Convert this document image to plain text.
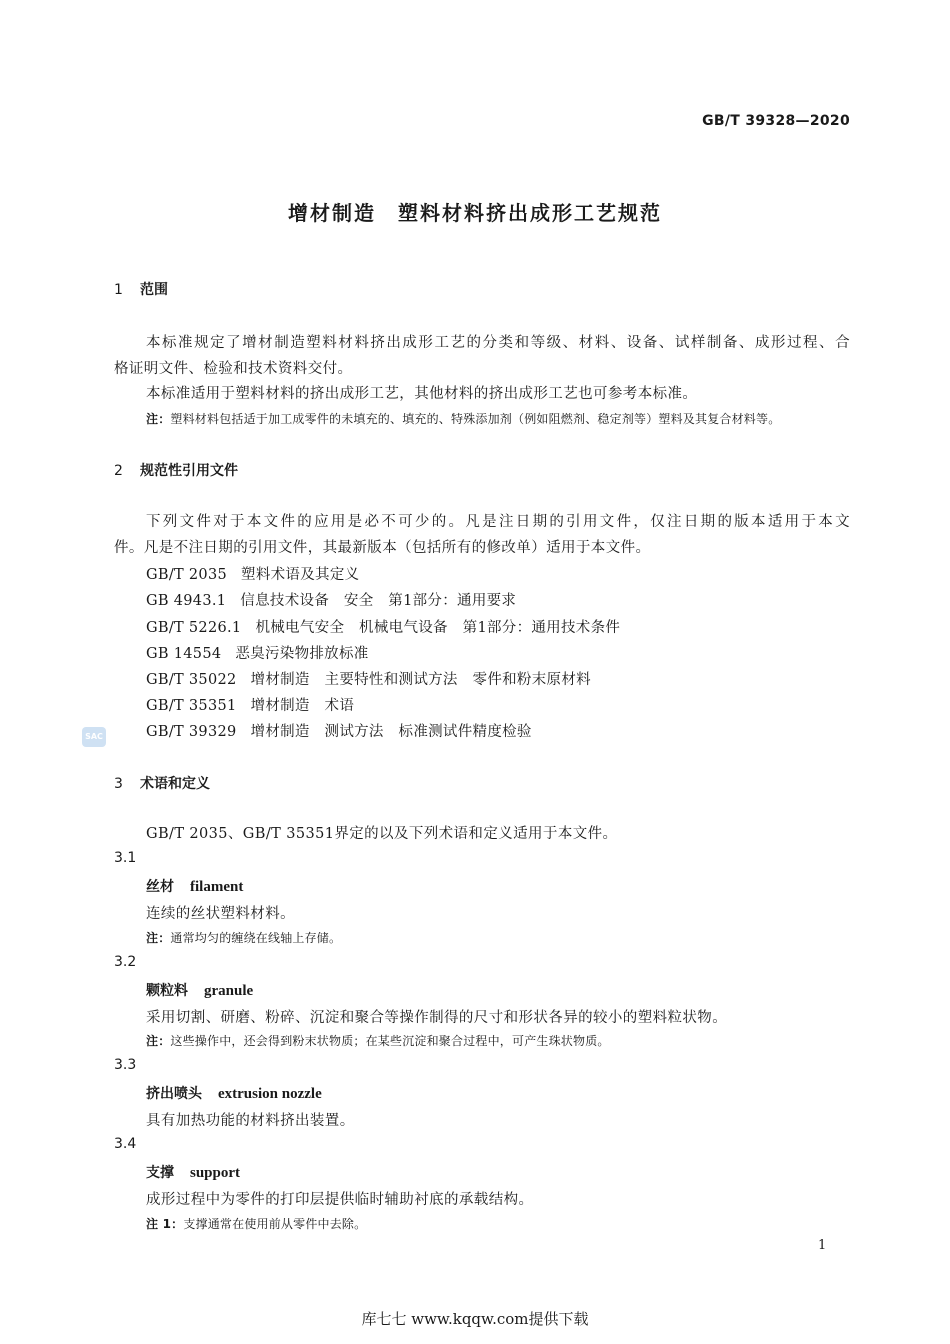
GB/T 39328—2020
增材制造　塑料材料挤出成形工艺规范
1 范围
本标准规定了增材制造塑料材料挤出成形工艺的分类和等级、材料、设备、试样制备、成形过程、合
格证明文件、检验和技术资料交付。
本标准适用于塑料材料的挤出成形工艺，其他材料的挤出成形工艺也可参考本标准。
注：塑料材料包括适于加工成零件的未填充的、填充的、特殊添加剂（例如阻燃剂、稳定剂等）塑料及其复合材料等。
2 规范性引用文件
下列文件对于本文件的应用是必不可少的。凡是注日期的引用文件，仅注日期的版本适用于本文
件。凡是不注日期的引用文件，其最新版本（包括所有的修改单）适用于本文件。
GB/T 2035 塑料术语及其定义
GB 4943.1 信息技术设备　安全　第1部分：通用要求
GB/T 5226.1 机械电气安全　机械电气设备　第1部分：通用技术条件
GB 14554 恶臭污染物排放标准
GB/T 35022 增材制造　主要特性和测试方法　零件和粉末原材料
GB/T 35351 增材制造　术语
GB/T 39329 增材制造　测试方法　标准测试件精度检验
SAC
3 术语和定义
GB/T 2035、GB/T 35351界定的以及下列术语和定义适用于本文件。
3.1
丝材 filament
连续的丝状塑料材料。
注：通常均匀的缠绕在线轴上存储。
3.2
颗粒料 granule
采用切割、研磨、粉碎、沉淀和聚合等操作制得的尺寸和形状各异的较小的塑料粒状物。
注：这些操作中，还会得到粉末状物质；在某些沉淀和聚合过程中，可产生珠状物质。
3.3
挤出喷头 extrusion nozzle
具有加热功能的材料挤出装置。
3.4
支撑 support
成形过程中为零件的打印层提供临时辅助衬底的承载结构。
注 1：支撑通常在使用前从零件中去除。
1
库七七 www.kqqw.com提供下载
